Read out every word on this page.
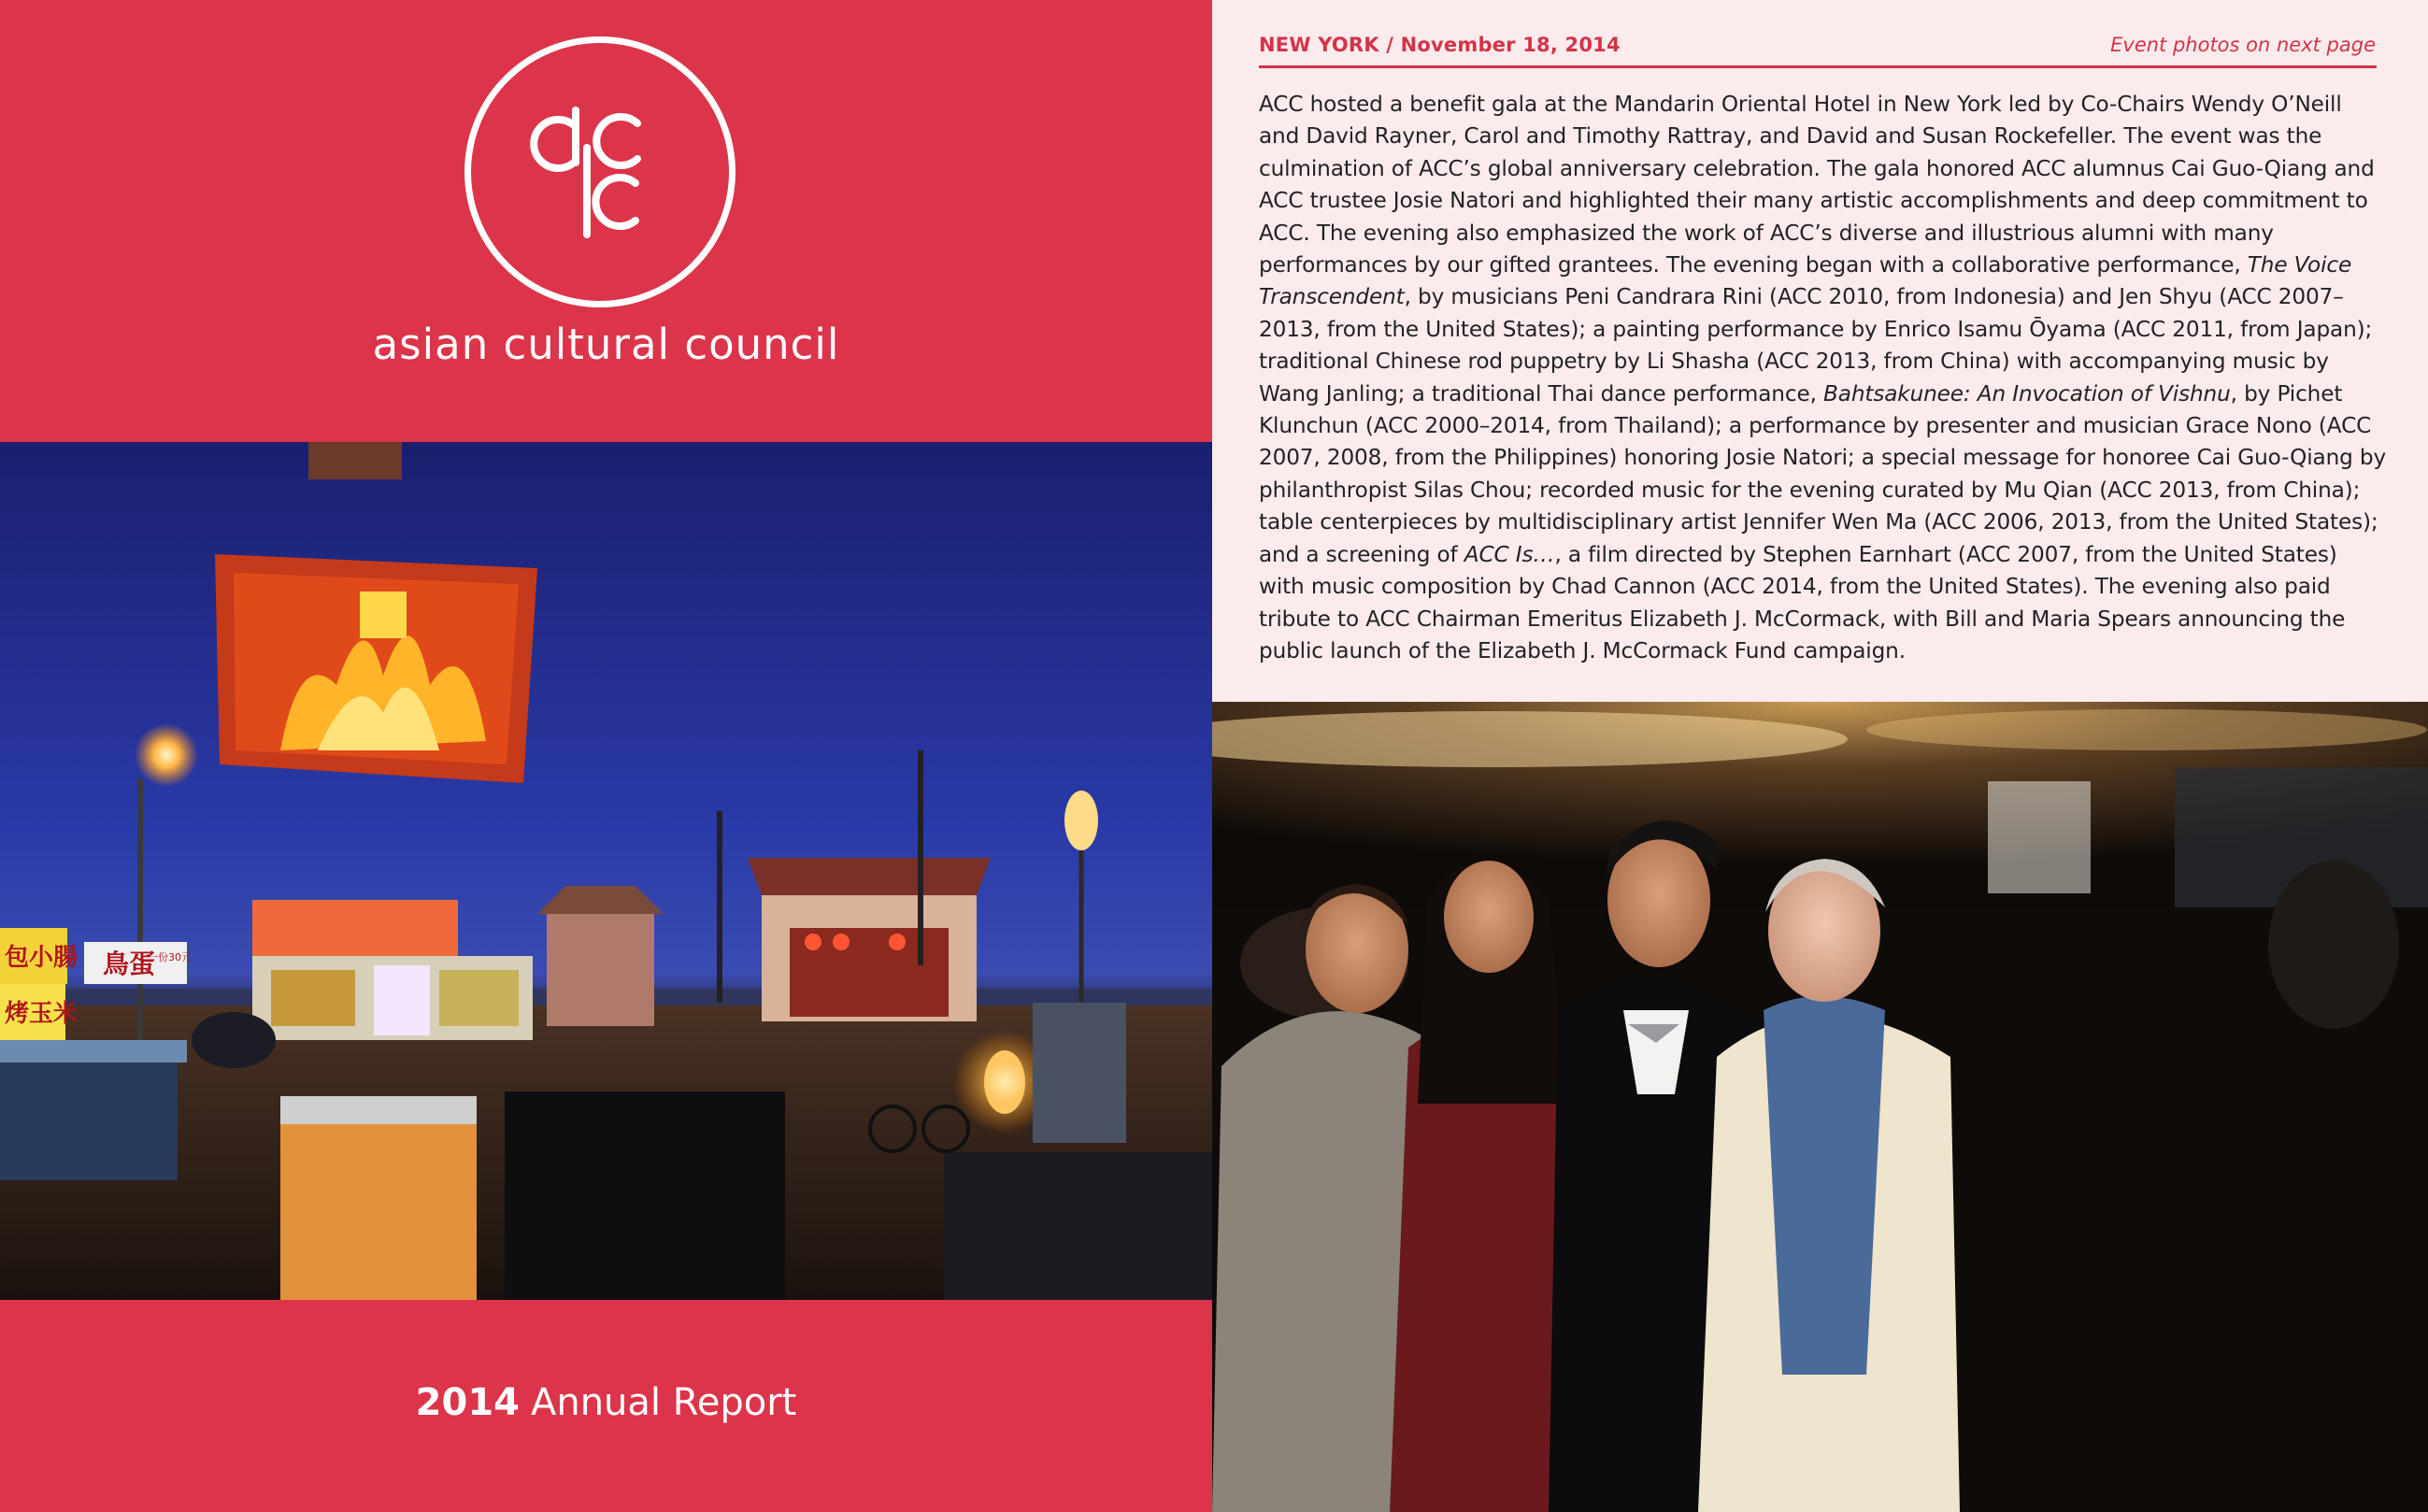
asian cultural council
包小腸
烤玉米
鳥蛋
一份30元
2014 Annual Report
NEW YORK / November 18, 2014	Event photos on next page
ACC hosted a benefit gala at the Mandarin Oriental Hotel in New York led by Co-Chairs Wendy O’Neill and David Rayner, Carol and Timothy Rattray, and David and Susan Rockefeller. The event was the culmination of ACC’s global anniversary celebration. The gala honored ACC alumnus Cai Guo-Qiang and ACC trustee Josie Natori and highlighted their many artistic accomplishments and deep commitment to ACC. The evening also emphasized the work of ACC’s diverse and illustrious alumni with many performances by our gifted grantees. The evening began with a collaborative performance, The Voice Transcendent, by musicians Peni Candrara Rini (ACC 2010, from Indonesia) and Jen Shyu (ACC 2007–2013, from the United States); a painting performance by Enrico Isamu Ōyama (ACC 2011, from Japan); traditional Chinese rod puppetry by Li Shasha (ACC 2013, from China) with accompanying music by Wang Janling; a traditional Thai dance performance, Bahtsakunee: An Invocation of Vishnu, by Pichet Klunchun (ACC 2000–2014, from Thailand); a performance by presenter and musician Grace Nono (ACC 2007, 2008, from the Philippines) honoring Josie Natori; a special message for honoree Cai Guo-Qiang by philanthropist Silas Chou; recorded music for the evening curated by Mu Qian (ACC 2013, from China); table centerpieces by multidisciplinary artist Jennifer Wen Ma (ACC 2006, 2013, from the United States); and a screening of ACC Is…, a film directed by Stephen Earnhart (ACC 2007, from the United States) with music composition by Chad Cannon (ACC 2014, from the United States). The evening also paid tribute to ACC Chairman Emeritus Elizabeth J. McCormack, with Bill and Maria Spears announcing the public launch of the Elizabeth J. McCormack Fund campaign.
